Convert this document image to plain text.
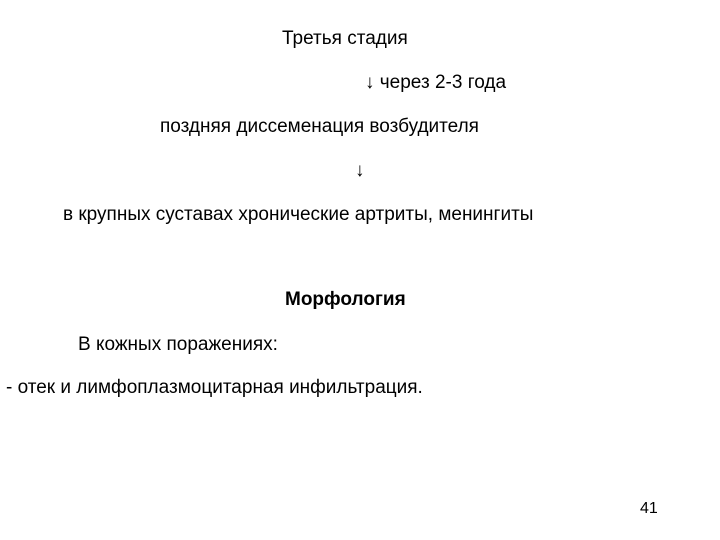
Третья стадия
↓ через 2-3 года
поздняя диссеменация возбудителя
↓
в крупных суставах хронические артриты, менингиты
Морфология
В кожных поражениях:
- отек и лимфоплазмоцитарная инфильтрация.
41
